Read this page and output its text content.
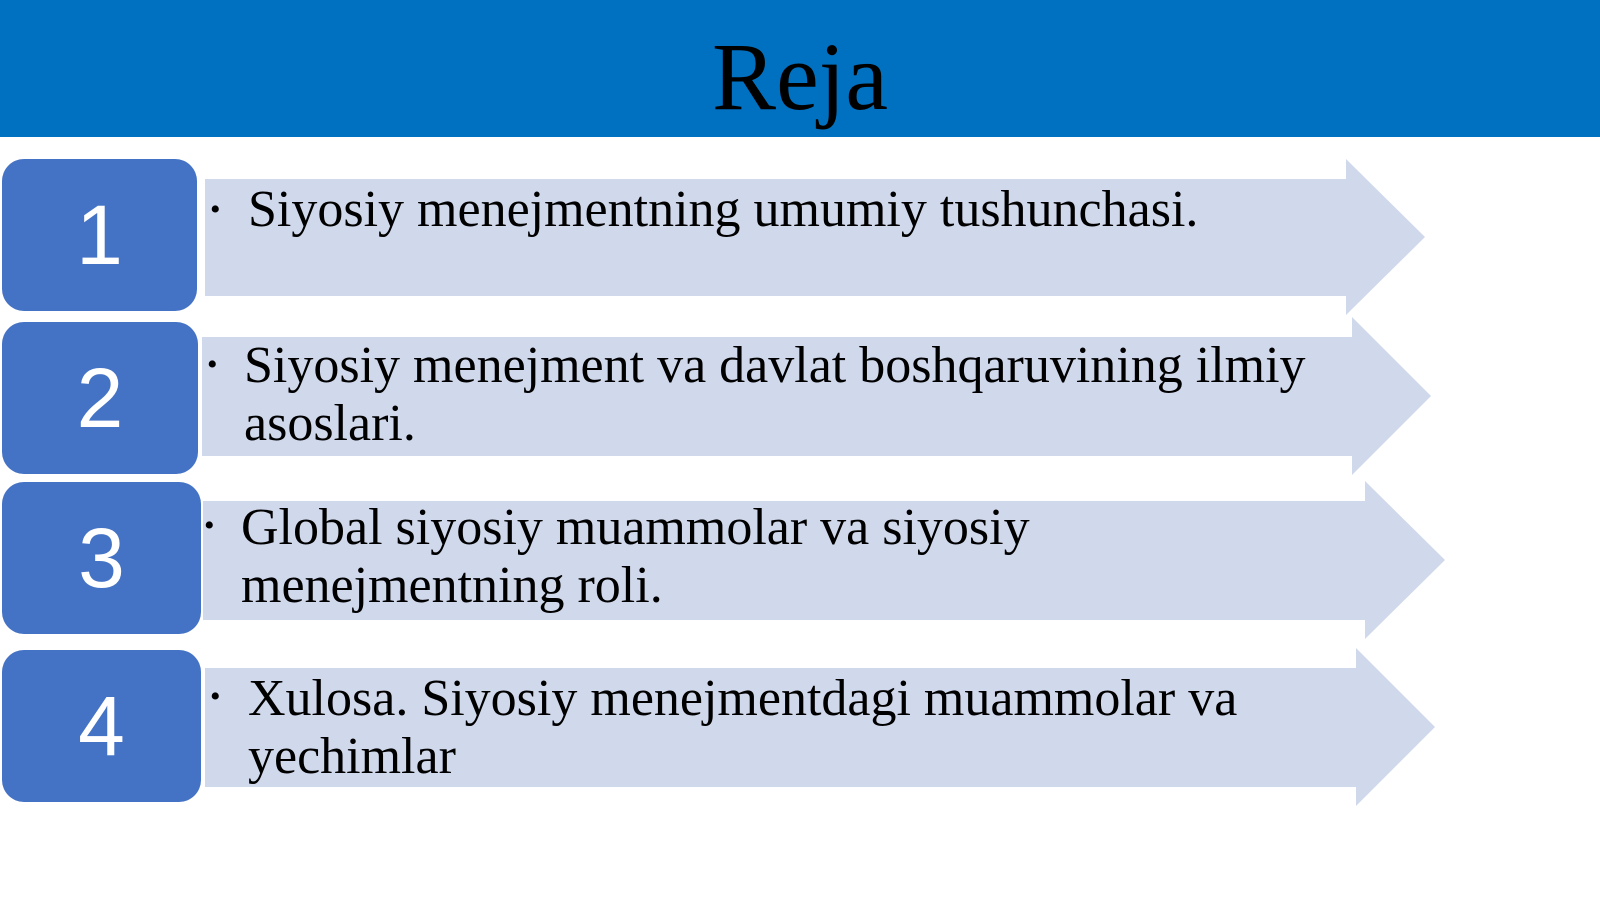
Reja
1	• Siyosiy menejmentning umumiy tushunchasi.
2	• Siyosiy menejment va davlat boshqaruvining ilmiy asoslari.
3	• Global siyosiy muammolar va siyosiy menejmentning roli.
4	• Xulosa. Siyosiy menejmentdagi muammolar va yechimlar
